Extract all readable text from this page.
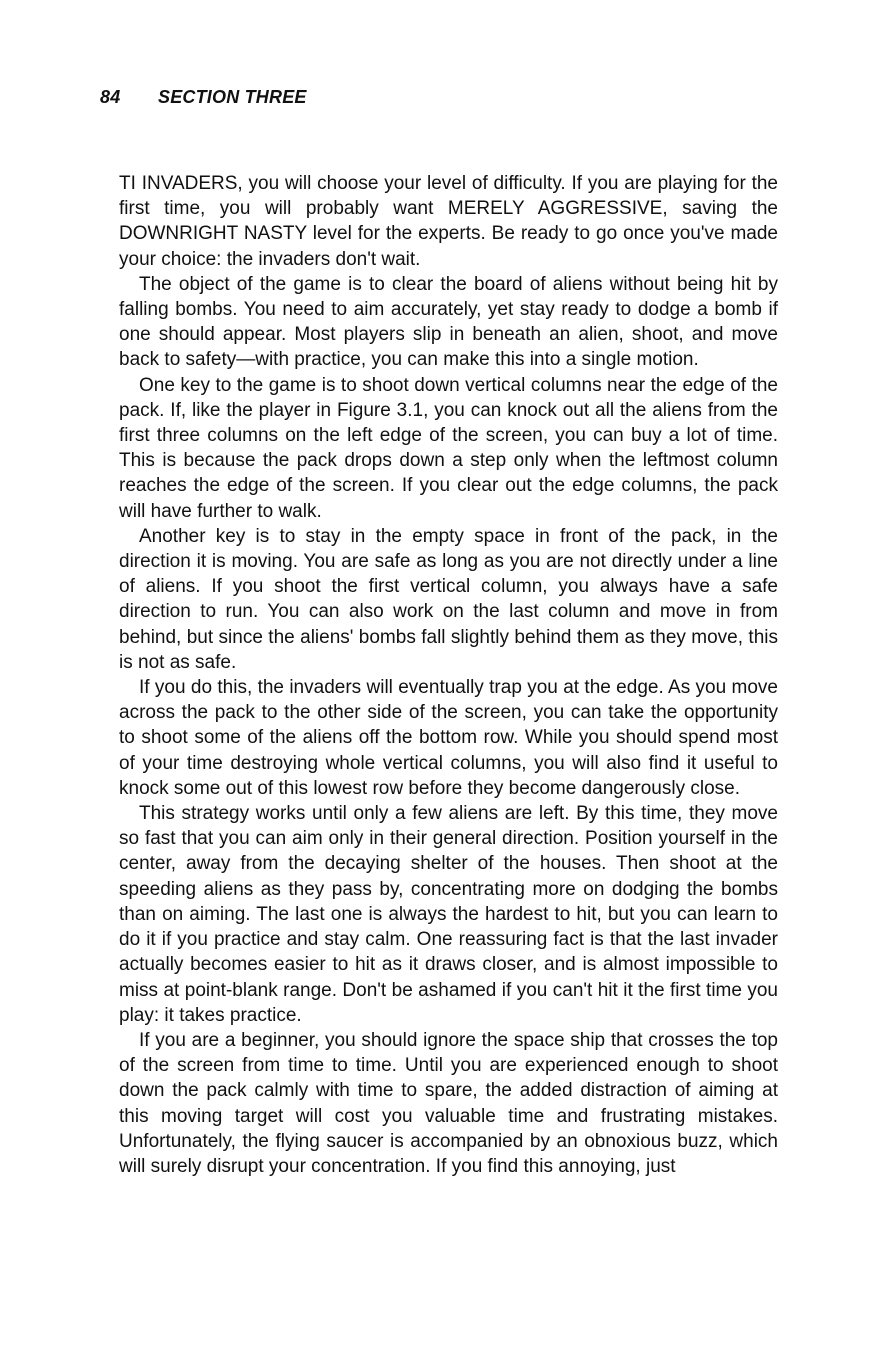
84 SECTION THREE

TI INVADERS, you will choose your level of difficulty. If you are playing for the first time, you will probably want MERELY AGGRESSIVE, saving the DOWNRIGHT NASTY level for the experts. Be ready to go once you've made your choice: the invaders don't wait.

The object of the game is to clear the board of aliens without being hit by falling bombs. You need to aim accurately, yet stay ready to dodge a bomb if one should appear. Most players slip in beneath an alien, shoot, and move back to safety—with practice, you can make this into a single motion.

One key to the game is to shoot down vertical columns near the edge of the pack. If, like the player in Figure 3.1, you can knock out all the aliens from the first three columns on the left edge of the screen, you can buy a lot of time. This is because the pack drops down a step only when the leftmost column reaches the edge of the screen. If you clear out the edge columns, the pack will have further to walk.

Another key is to stay in the empty space in front of the pack, in the direction it is moving. You are safe as long as you are not directly under a line of aliens. If you shoot the first vertical column, you always have a safe direction to run. You can also work on the last column and move in from behind, but since the aliens' bombs fall slightly behind them as they move, this is not as safe.

If you do this, the invaders will eventually trap you at the edge. As you move across the pack to the other side of the screen, you can take the opportunity to shoot some of the aliens off the bottom row. While you should spend most of your time destroying whole vertical columns, you will also find it useful to knock some out of this lowest row before they become dangerously close.

This strategy works until only a few aliens are left. By this time, they move so fast that you can aim only in their general direction. Position yourself in the center, away from the decaying shelter of the houses. Then shoot at the speeding aliens as they pass by, concentrating more on dodging the bombs than on aiming. The last one is always the hardest to hit, but you can learn to do it if you practice and stay calm. One reassuring fact is that the last invader actually becomes easier to hit as it draws closer, and is almost impossible to miss at point-blank range. Don't be ashamed if you can't hit it the first time you play: it takes practice.

If you are a beginner, you should ignore the space ship that crosses the top of the screen from time to time. Until you are experienced enough to shoot down the pack calmly with time to spare, the added distraction of aiming at this moving target will cost you valuable time and frustrating mistakes. Unfortunately, the flying saucer is accompanied by an obnoxious buzz, which will surely disrupt your concentration. If you find this annoying, just
